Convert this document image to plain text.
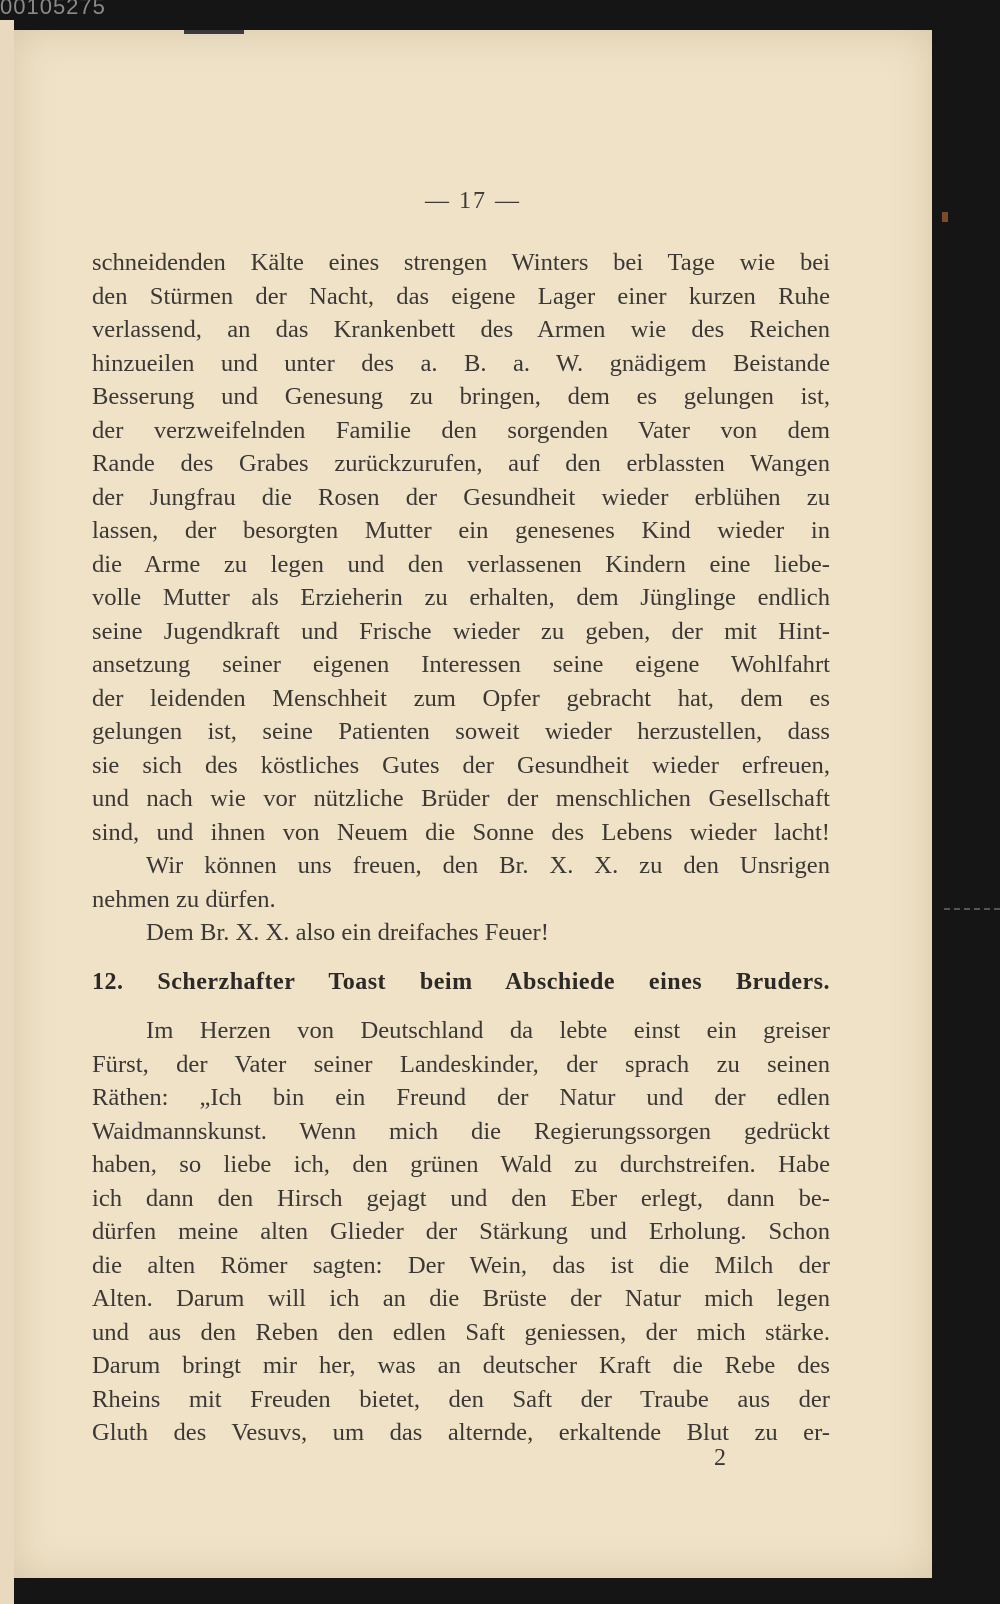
00105275
— 17 —
schneidenden Kälte eines strengen Winters bei Tage wie bei
den Stürmen der Nacht, das eigene Lager einer kurzen Ruhe
verlassend, an das Krankenbett des Armen wie des Reichen
hinzueilen und unter des a. B. a. W. gnädigem Beistande
Besserung und Genesung zu bringen, dem es gelungen ist,
der verzweifelnden Familie den sorgenden Vater von dem
Rande des Grabes zurückzurufen, auf den erblassten Wangen
der Jungfrau die Rosen der Gesundheit wieder erblühen zu
lassen, der besorgten Mutter ein genesenes Kind wieder in
die Arme zu legen und den verlassenen Kindern eine liebe-
volle Mutter als Erzieherin zu erhalten, dem Jünglinge endlich
seine Jugendkraft und Frische wieder zu geben, der mit Hint-
ansetzung seiner eigenen Interessen seine eigene Wohlfahrt
der leidenden Menschheit zum Opfer gebracht hat, dem es
gelungen ist, seine Patienten soweit wieder herzustellen, dass
sie sich des köstliches Gutes der Gesundheit wieder erfreuen,
und nach wie vor nützliche Brüder der menschlichen Gesellschaft
sind, und ihnen von Neuem die Sonne des Lebens wieder lacht!
Wir können uns freuen, den Br. X. X. zu den Unsrigen
nehmen zu dürfen.
Dem Br. X. X. also ein dreifaches Feuer!
12. Scherzhafter Toast beim Abschiede eines Bruders.
Im Herzen von Deutschland da lebte einst ein greiser
Fürst, der Vater seiner Landeskinder, der sprach zu seinen
Räthen: „Ich bin ein Freund der Natur und der edlen
Waidmannskunst. Wenn mich die Regierungssorgen gedrückt
haben, so liebe ich, den grünen Wald zu durchstreifen. Habe
ich dann den Hirsch gejagt und den Eber erlegt, dann be-
dürfen meine alten Glieder der Stärkung und Erholung. Schon
die alten Römer sagten: Der Wein, das ist die Milch der
Alten. Darum will ich an die Brüste der Natur mich legen
und aus den Reben den edlen Saft geniessen, der mich stärke.
Darum bringt mir her, was an deutscher Kraft die Rebe des
Rheins mit Freuden bietet, den Saft der Traube aus der
Gluth des Vesuvs, um das alternde, erkaltende Blut zu er-
2
